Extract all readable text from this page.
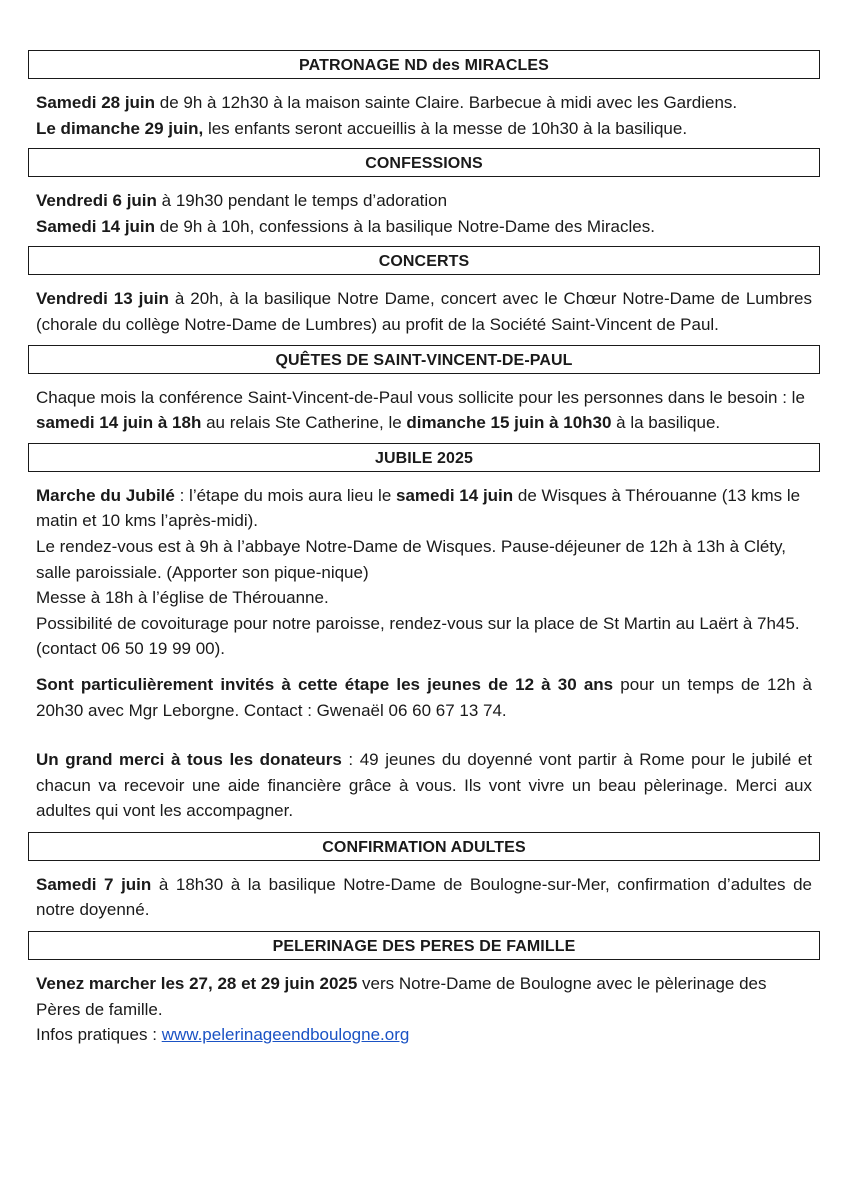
PATRONAGE ND des MIRACLES

Samedi 28 juin de 9h à 12h30 à la maison sainte Claire. Barbecue à midi avec les Gardiens.

Le dimanche 29 juin, les enfants seront accueillis à la messe de 10h30 à la basilique.

CONFESSIONS

Vendredi 6 juin à 19h30 pendant le temps d’adoration

Samedi 14 juin de 9h à 10h, confessions à la basilique Notre-Dame des Miracles.

CONCERTS

Vendredi 13 juin à 20h, à la basilique Notre Dame, concert avec le Chœur Notre-Dame de Lumbres (chorale du collège Notre-Dame de Lumbres) au profit de la Société Saint-Vincent de Paul.

QUÊTES DE SAINT-VINCENT-DE-PAUL

Chaque mois la conférence Saint-Vincent-de-Paul vous sollicite pour les personnes dans le besoin : le samedi 14 juin à 18h au relais Ste Catherine, le dimanche 15 juin à 10h30 à la basilique.

JUBILE 2025

Marche du Jubilé : l’étape du mois aura lieu le samedi 14 juin de Wisques à Thérouanne (13 kms le matin et 10 kms l’après-midi).

Le rendez-vous est à 9h à l’abbaye Notre-Dame de Wisques. Pause-déjeuner de 12h à 13h à Cléty, salle paroissiale. (Apporter son pique-nique)

Messe à 18h à l’église de Thérouanne.

Possibilité de covoiturage pour notre paroisse, rendez-vous sur la place de St Martin au Laërt à 7h45. (contact 06 50 19 99 00).

Sont particulièrement invités à cette étape les jeunes de 12 à 30 ans pour un temps de 12h à 20h30 avec Mgr Leborgne. Contact : Gwenaël 06 60 67 13 74.

Un grand merci à tous les donateurs : 49 jeunes du doyenné vont partir à Rome pour le jubilé et chacun va recevoir une aide financière grâce à vous. Ils vont vivre un beau pèlerinage. Merci aux adultes qui vont les accompagner.

CONFIRMATION ADULTES

Samedi 7 juin à 18h30 à la basilique Notre-Dame de Boulogne-sur-Mer, confirmation d’adultes de notre doyenné.

PELERINAGE DES PERES DE FAMILLE

Venez marcher les 27, 28 et 29 juin 2025 vers Notre-Dame de Boulogne avec le pèlerinage des Pères de famille.

Infos pratiques : www.pelerinageendboulogne.org
